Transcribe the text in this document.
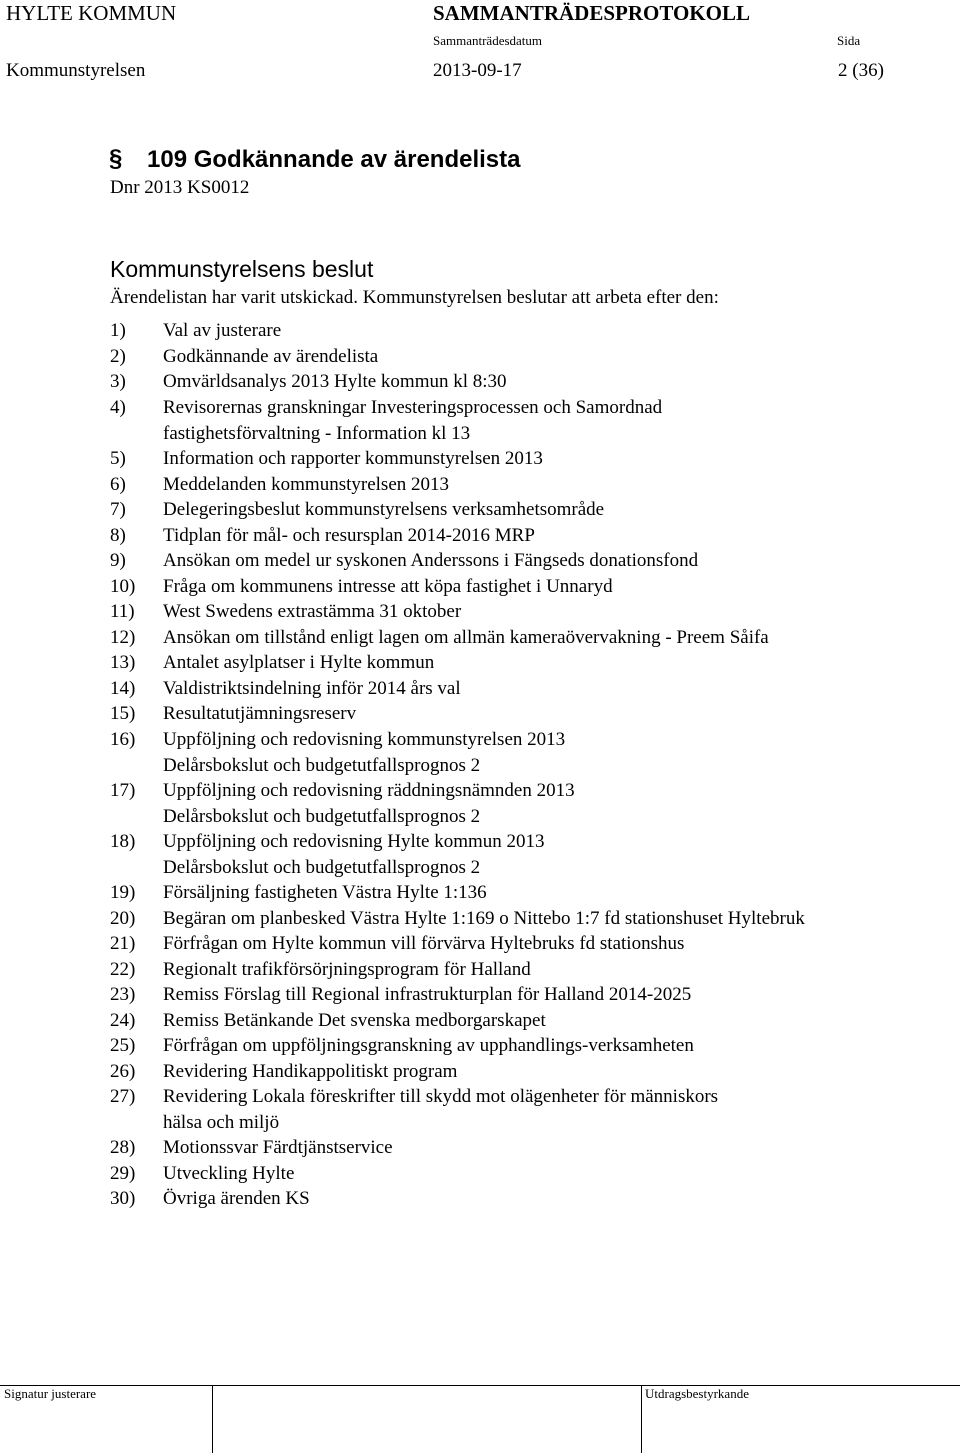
HYLTE KOMMUN	SAMMANTRÄDESPROTOKOLL
Sammanträdesdatum	Sida
Kommunstyrelsen	2013-09-17	2 (36)
§ 109 Godkännande av ärendelista
Dnr 2013 KS0012
Kommunstyrelsens beslut
Ärendelistan har varit utskickad. Kommunstyrelsen beslutar att arbeta efter den:
1) Val av justerare
2) Godkännande av ärendelista
3) Omvärldsanalys 2013 Hylte kommun kl 8:30
4) Revisorernas granskningar Investeringsprocessen och Samordnad
fastighetsförvaltning - Information kl 13
5) Information och rapporter kommunstyrelsen 2013
6) Meddelanden kommunstyrelsen 2013
7) Delegeringsbeslut kommunstyrelsens verksamhetsområde
8) Tidplan för mål- och resursplan 2014-2016 MRP
9) Ansökan om medel ur syskonen Anderssons i Fängseds donationsfond
10) Fråga om kommunens intresse att köpa fastighet i Unnaryd
11) West Swedens extrastämma 31 oktober
12) Ansökan om tillstånd enligt lagen om allmän kameraövervakning - Preem Såifa
13) Antalet asylplatser i Hylte kommun
14) Valdistriktsindelning inför 2014 års val
15) Resultatutjämningsreserv
16) Uppföljning och redovisning kommunstyrelsen 2013
Delårsbokslut och budgetutfallsprognos 2
17) Uppföljning och redovisning räddningsnämnden 2013
Delårsbokslut och budgetutfallsprognos 2
18) Uppföljning och redovisning Hylte kommun 2013
Delårsbokslut och budgetutfallsprognos 2
19) Försäljning fastigheten Västra Hylte 1:136
20) Begäran om planbesked Västra Hylte 1:169 o Nittebo 1:7 fd stationshuset Hyltebruk
21) Förfrågan om Hylte kommun vill förvärva Hyltebruks fd stationshus
22) Regionalt trafikförsörjningsprogram för Halland
23) Remiss Förslag till Regional infrastrukturplan för Halland 2014-2025
24) Remiss Betänkande Det svenska medborgarskapet
25) Förfrågan om uppföljningsgranskning av upphandlings-verksamheten
26) Revidering Handikappolitiskt program
27) Revidering Lokala föreskrifter till skydd mot olägenheter för människors
hälsa och miljö
28) Motionssvar Färdtjänstservice
29) Utveckling Hylte
30) Övriga ärenden KS
Signatur justerare	Utdragsbestyrkande
